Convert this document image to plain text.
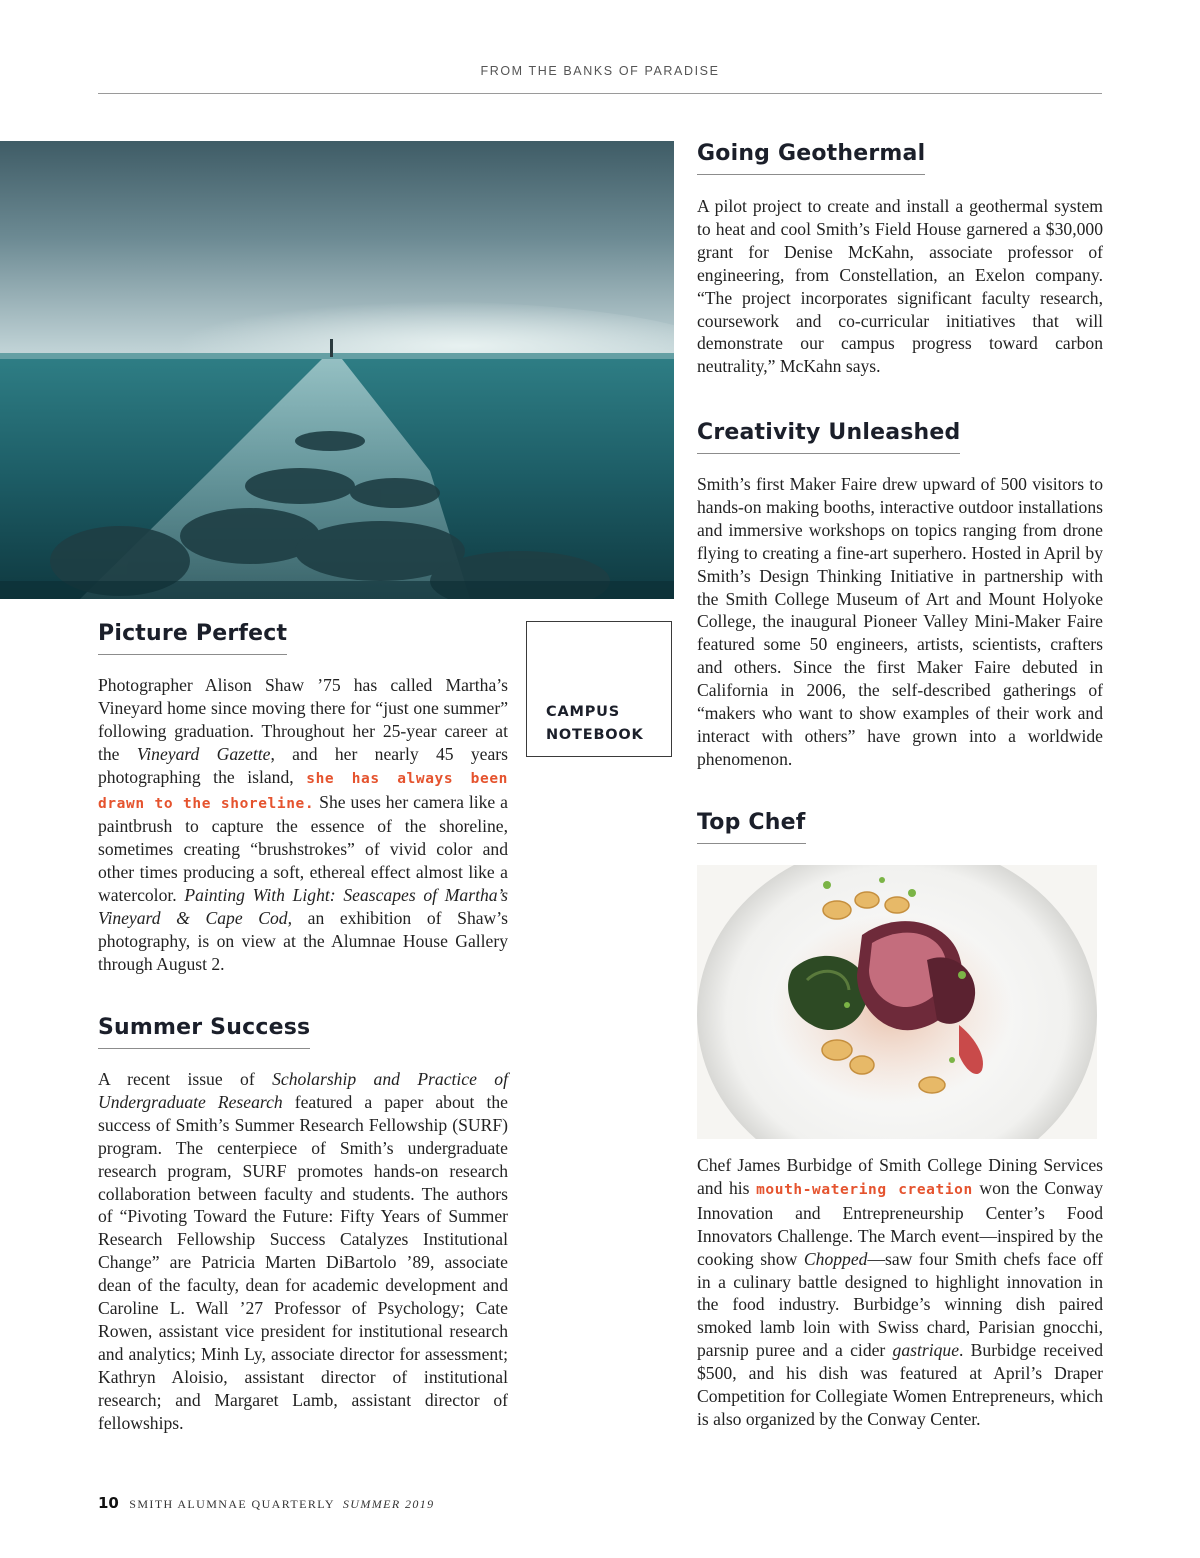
FROM THE BANKS OF PARADISE
Picture Perfect

Photographer Alison Shaw ’75 has called Martha’s Vineyard home since moving there for “just one summer” following graduation. Throughout her 25-year career at the Vineyard Gazette, and her nearly 45 years photographing the island, she has always been drawn to the shoreline. She uses her camera like a paintbrush to capture the essence of the shoreline, sometimes creating “brushstrokes” of vivid color and other times producing a soft, ethereal effect almost like a watercolor. Painting With Light: Seascapes of Martha’s Vineyard & Cape Cod, an exhibition of Shaw’s photography, is on view at the Alumnae House Gallery through August 2.

CAMPUS
NOTEBOOK
Summer Success

A recent issue of Scholarship and Practice of Undergraduate Research featured a paper about the success of Smith’s Summer Research Fellowship (SURF) program. The centerpiece of Smith’s undergraduate research program, SURF promotes hands-on research collaboration between faculty and students. The authors of “Pivoting Toward the Future: Fifty Years of Summer Research Fellowship Success Catalyzes Institutional Change” are Patricia Marten DiBartolo ’89, associate dean of the faculty, dean for academic development and Caroline L. Wall ’27 Professor of Psychology; Cate Rowen, assistant vice president for institutional research and analytics; Minh Ly, associate director for assessment; Kathryn Aloisio, assistant director of institutional research; and Margaret Lamb, assistant director of fellowships.

Going Geothermal

A pilot project to create and install a geothermal system to heat and cool Smith’s Field House garnered a $30,000 grant for Denise McKahn, associate professor of engineering, from Constellation, an Exelon company. “The project incorporates significant faculty research, coursework and co-curricular initiatives that will demonstrate our campus progress toward carbon neutrality,” McKahn says.

Creativity Unleashed

Smith’s first Maker Faire drew upward of 500 visitors to hands-on making booths, interactive outdoor installations and immersive workshops on topics ranging from drone flying to creating a fine-art superhero. Hosted in April by Smith’s Design Thinking Initiative in partnership with the Smith College Museum of Art and Mount Holyoke College, the inaugural Pioneer Valley Mini-Maker Faire featured some 50 engineers, artists, scientists, crafters and others. Since the first Maker Faire debuted in California in 2006, the self-described gatherings of “makers who want to show examples of their work and interact with others” have grown into a worldwide phenomenon.

Top Chef

Chef James Burbidge of Smith College Dining Services and his mouth-watering creation won the Conway Innovation and Entrepreneurship Center’s Food Innovators Challenge. The March event—inspired by the cooking show Chopped—saw four Smith chefs face off in a culinary battle designed to highlight innovation in the food industry. Burbidge’s winning dish paired smoked lamb loin with Swiss chard, Parisian gnocchi, parsnip puree and a cider gastrique. Burbidge received $500, and his dish was featured at April’s Draper Competition for Collegiate Women Entrepreneurs, which is also organized by the Conway Center.

10 SMITH ALUMNAE QUARTERLY SUMMER 2019
